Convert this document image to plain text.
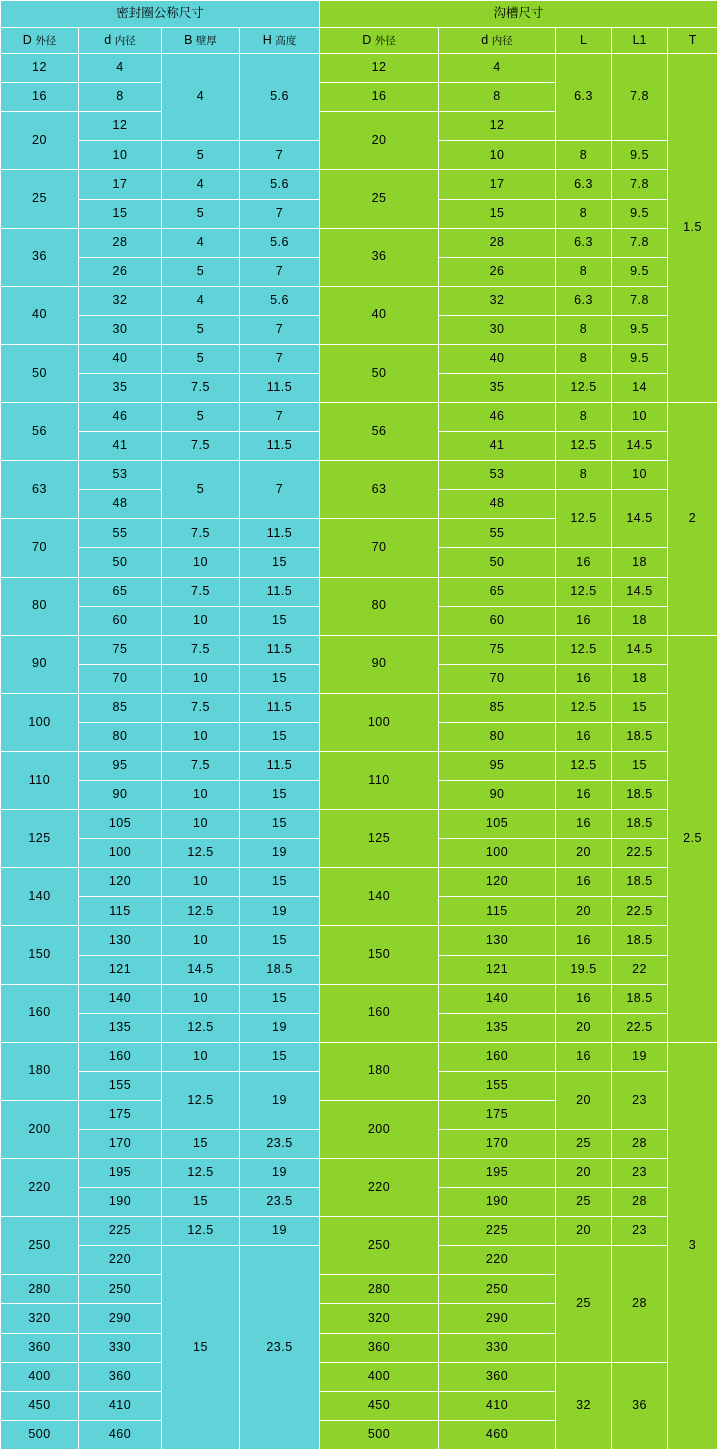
密封圈公称尺寸				沟槽尺寸				
D 外径	d 内径	B 壁厚	H 高度	D 外径	d 内径	L	L1	T
12	4	4	5.6	12	4	6.3	7.8	1.5
16	8			16	8			
20	12			20	12			
	10	5	7		10	8	9.5	
25	17	4	5.6	25	17	6.3	7.8	
	15	5	7		15	8	9.5	
36	28	4	5.6	36	28	6.3	7.8	
	26	5	7		26	8	9.5	
40	32	4	5.6	40	32	6.3	7.8	
	30	5	7		30	8	9.5	
50	40	5	7	50	40	8	9.5	
	35	7.5	11.5		35	12.5	14	
56	46	5	7	56	46	8	10	2
	41	7.5	11.5		41	12.5	14.5	
63	53	5	7	63	53	8	10	
	48				48	12.5	14.5	
70	55	7.5	11.5	70	55			
	50	10	15		50	16	18	
80	65	7.5	11.5	80	65	12.5	14.5	
	60	10	15		60	16	18	
90	75	7.5	11.5	90	75	12.5	14.5	2.5
	70	10	15		70	16	18	
100	85	7.5	11.5	100	85	12.5	15	
	80	10	15		80	16	18.5	
110	95	7.5	11.5	110	95	12.5	15	
	90	10	15		90	16	18.5	
125	105	10	15	125	105	16	18.5	
	100	12.5	19		100	20	22.5	
140	120	10	15	140	120	16	18.5	
	115	12.5	19		115	20	22.5	
150	130	10	15	150	130	16	18.5	
	121	14.5	18.5		121	19.5	22	
160	140	10	15	160	140	16	18.5	
	135	12.5	19		135	20	22.5	
180	160	10	15	180	160	16	19	3
	155	12.5	19		155	20	23	
200	175			200	175			
	170	15	23.5		170	25	28	
220	195	12.5	19	220	195	20	23	
	190	15	23.5		190	25	28	
250	225	12.5	19	250	225	20	23	
	220	15	23.5		220	25	28	
280	250			280	250			
320	290			320	290			
360	330			360	330			
400	360			400	360	32	36	
450	410			450	410			
500	460			500	460			
